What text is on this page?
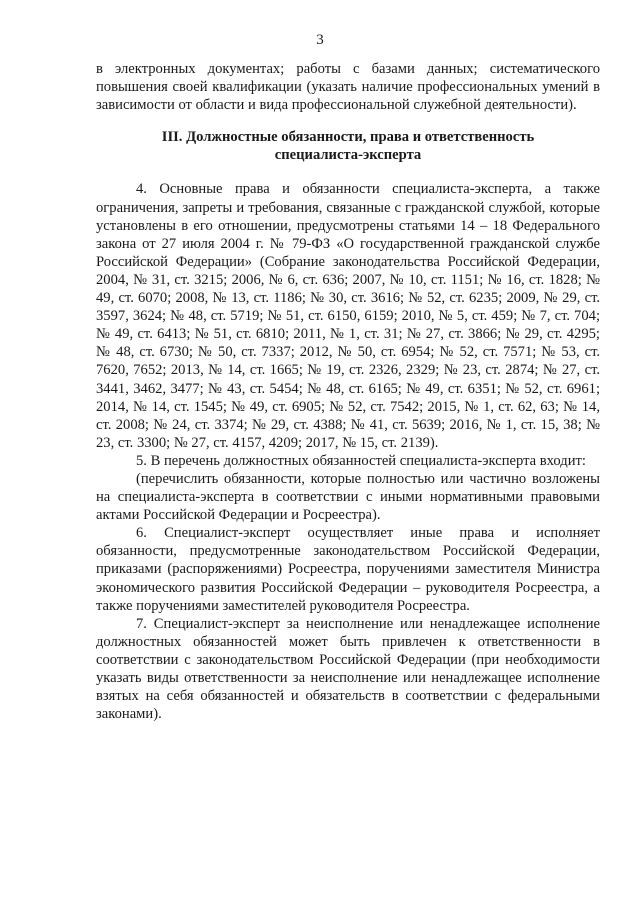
3

в электронных документах; работы с базами данных; систематического повышения своей квалификации (указать наличие профессиональных умений в зависимости от области и вида профессиональной служебной деятельности).

III. Должностные обязанности, права и ответственность
специалиста-эксперта

4. Основные права и обязанности специалиста-эксперта, а также ограничения, запреты и требования, связанные с гражданской службой, которые установлены в его отношении, предусмотрены статьями 14 – 18 Федерального закона от 27 июля 2004 г. № 79-ФЗ «О государственной гражданской службе Российской Федерации» (Собрание законодательства Российской Федерации, 2004, № 31, ст. 3215; 2006, № 6, ст. 636; 2007, № 10, ст. 1151; № 16, ст. 1828; № 49, ст. 6070; 2008, № 13, ст. 1186; № 30, ст. 3616; № 52, ст. 6235; 2009, № 29, ст. 3597, 3624; № 48, ст. 5719; № 51, ст. 6150, 6159; 2010, № 5, ст. 459; № 7, ст. 704; № 49, ст. 6413; № 51, ст. 6810; 2011, № 1, ст. 31; № 27, ст. 3866; № 29, ст. 4295; № 48, ст. 6730; № 50, ст. 7337; 2012, № 50, ст. 6954; № 52, ст. 7571; № 53, ст. 7620, 7652; 2013, № 14, ст. 1665; № 19, ст. 2326, 2329; № 23, ст. 2874; № 27, ст. 3441, 3462, 3477; № 43, ст. 5454; № 48, ст. 6165; № 49, ст. 6351; № 52, ст. 6961; 2014, № 14, ст. 1545; № 49, ст. 6905; № 52, ст. 7542; 2015, № 1, ст. 62, 63; № 14, ст. 2008; № 24, ст. 3374; № 29, ст. 4388; № 41, ст. 5639; 2016, № 1, ст. 15, 38; № 23, ст. 3300; № 27, ст. 4157, 4209; 2017, № 15, ст. 2139).

5. В перечень должностных обязанностей специалиста-эксперта входит:

(перечислить обязанности, которые полностью или частично возложены на специалиста-эксперта в соответствии с иными нормативными правовыми актами Российской Федерации и Росреестра).

6. Специалист-эксперт осуществляет иные права и исполняет обязанности, предусмотренные законодательством Российской Федерации, приказами (распоряжениями) Росреестра, поручениями заместителя Министра экономического развития Российской Федерации – руководителя Росреестра, а также поручениями заместителей руководителя Росреестра.

7. Специалист-эксперт за неисполнение или ненадлежащее исполнение должностных обязанностей может быть привлечен к ответственности в соответствии с законодательством Российской Федерации (при необходимости указать виды ответственности за неисполнение или ненадлежащее исполнение взятых на себя обязанностей и обязательств в соответствии с федеральными законами).
